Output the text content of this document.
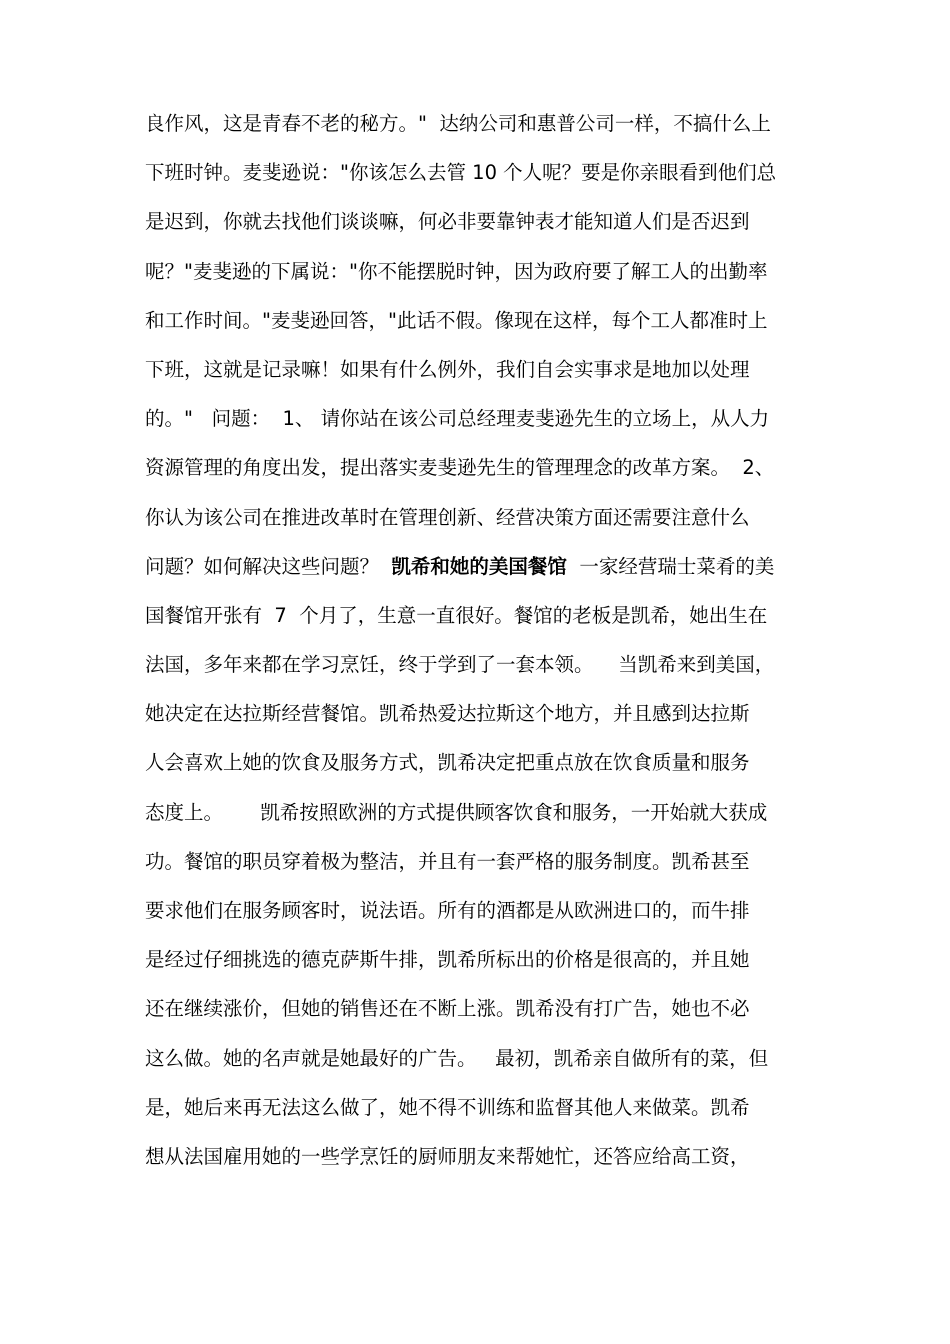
良作风，这是青春不老的秘方。"  达纳公司和惠普公司一样，不搞什么上
下班时钟。麦斐逊说："你该怎么去管 10 个人呢？要是你亲眼看到他们总
是迟到，你就去找他们谈谈嘛，何必非要靠钟表才能知道人们是否迟到
呢？"麦斐逊的下属说："你不能摆脱时钟，因为政府要了解工人的出勤率
和工作时间。"麦斐逊回答，"此话不假。像现在这样，每个工人都准时上
下班，这就是记录嘛！如果有什么例外，我们自会实事求是地加以处理
的。"   问题：  1、 请你站在该公司总经理麦斐逊先生的立场上，从人力
资源管理的角度出发，提出落实麦斐逊先生的管理理念的改革方案。  2、
你认为该公司在推进改革时在管理创新、经营决策方面还需要注意什么
问题？如何解决这些问题？  凯希和她的美国餐馆  一家经营瑞士菜肴的美
国餐馆开张有  7  个月了，生意一直很好。餐馆的老板是凯希，她出生在
法国，多年来都在学习烹饪，终于学到了一套本领。    当凯希来到美国，
她决定在达拉斯经营餐馆。凯希热爱达拉斯这个地方，并且感到达拉斯
人会喜欢上她的饮食及服务方式，凯希决定把重点放在饮食质量和服务
态度上。      凯希按照欧洲的方式提供顾客饮食和服务，一开始就大获成
功。餐馆的职员穿着极为整洁，并且有一套严格的服务制度。凯希甚至
要求他们在服务顾客时，说法语。所有的酒都是从欧洲进口的，而牛排
是经过仔细挑选的德克萨斯牛排，凯希所标出的价格是很高的，并且她
还在继续涨价，但她的销售还在不断上涨。凯希没有打广告，她也不必
这么做。她的名声就是她最好的广告。   最初，凯希亲自做所有的菜，但
是，她后来再无法这么做了，她不得不训练和监督其他人来做菜。凯希
想从法国雇用她的一些学烹饪的厨师朋友来帮她忙，还答应给高工资，
